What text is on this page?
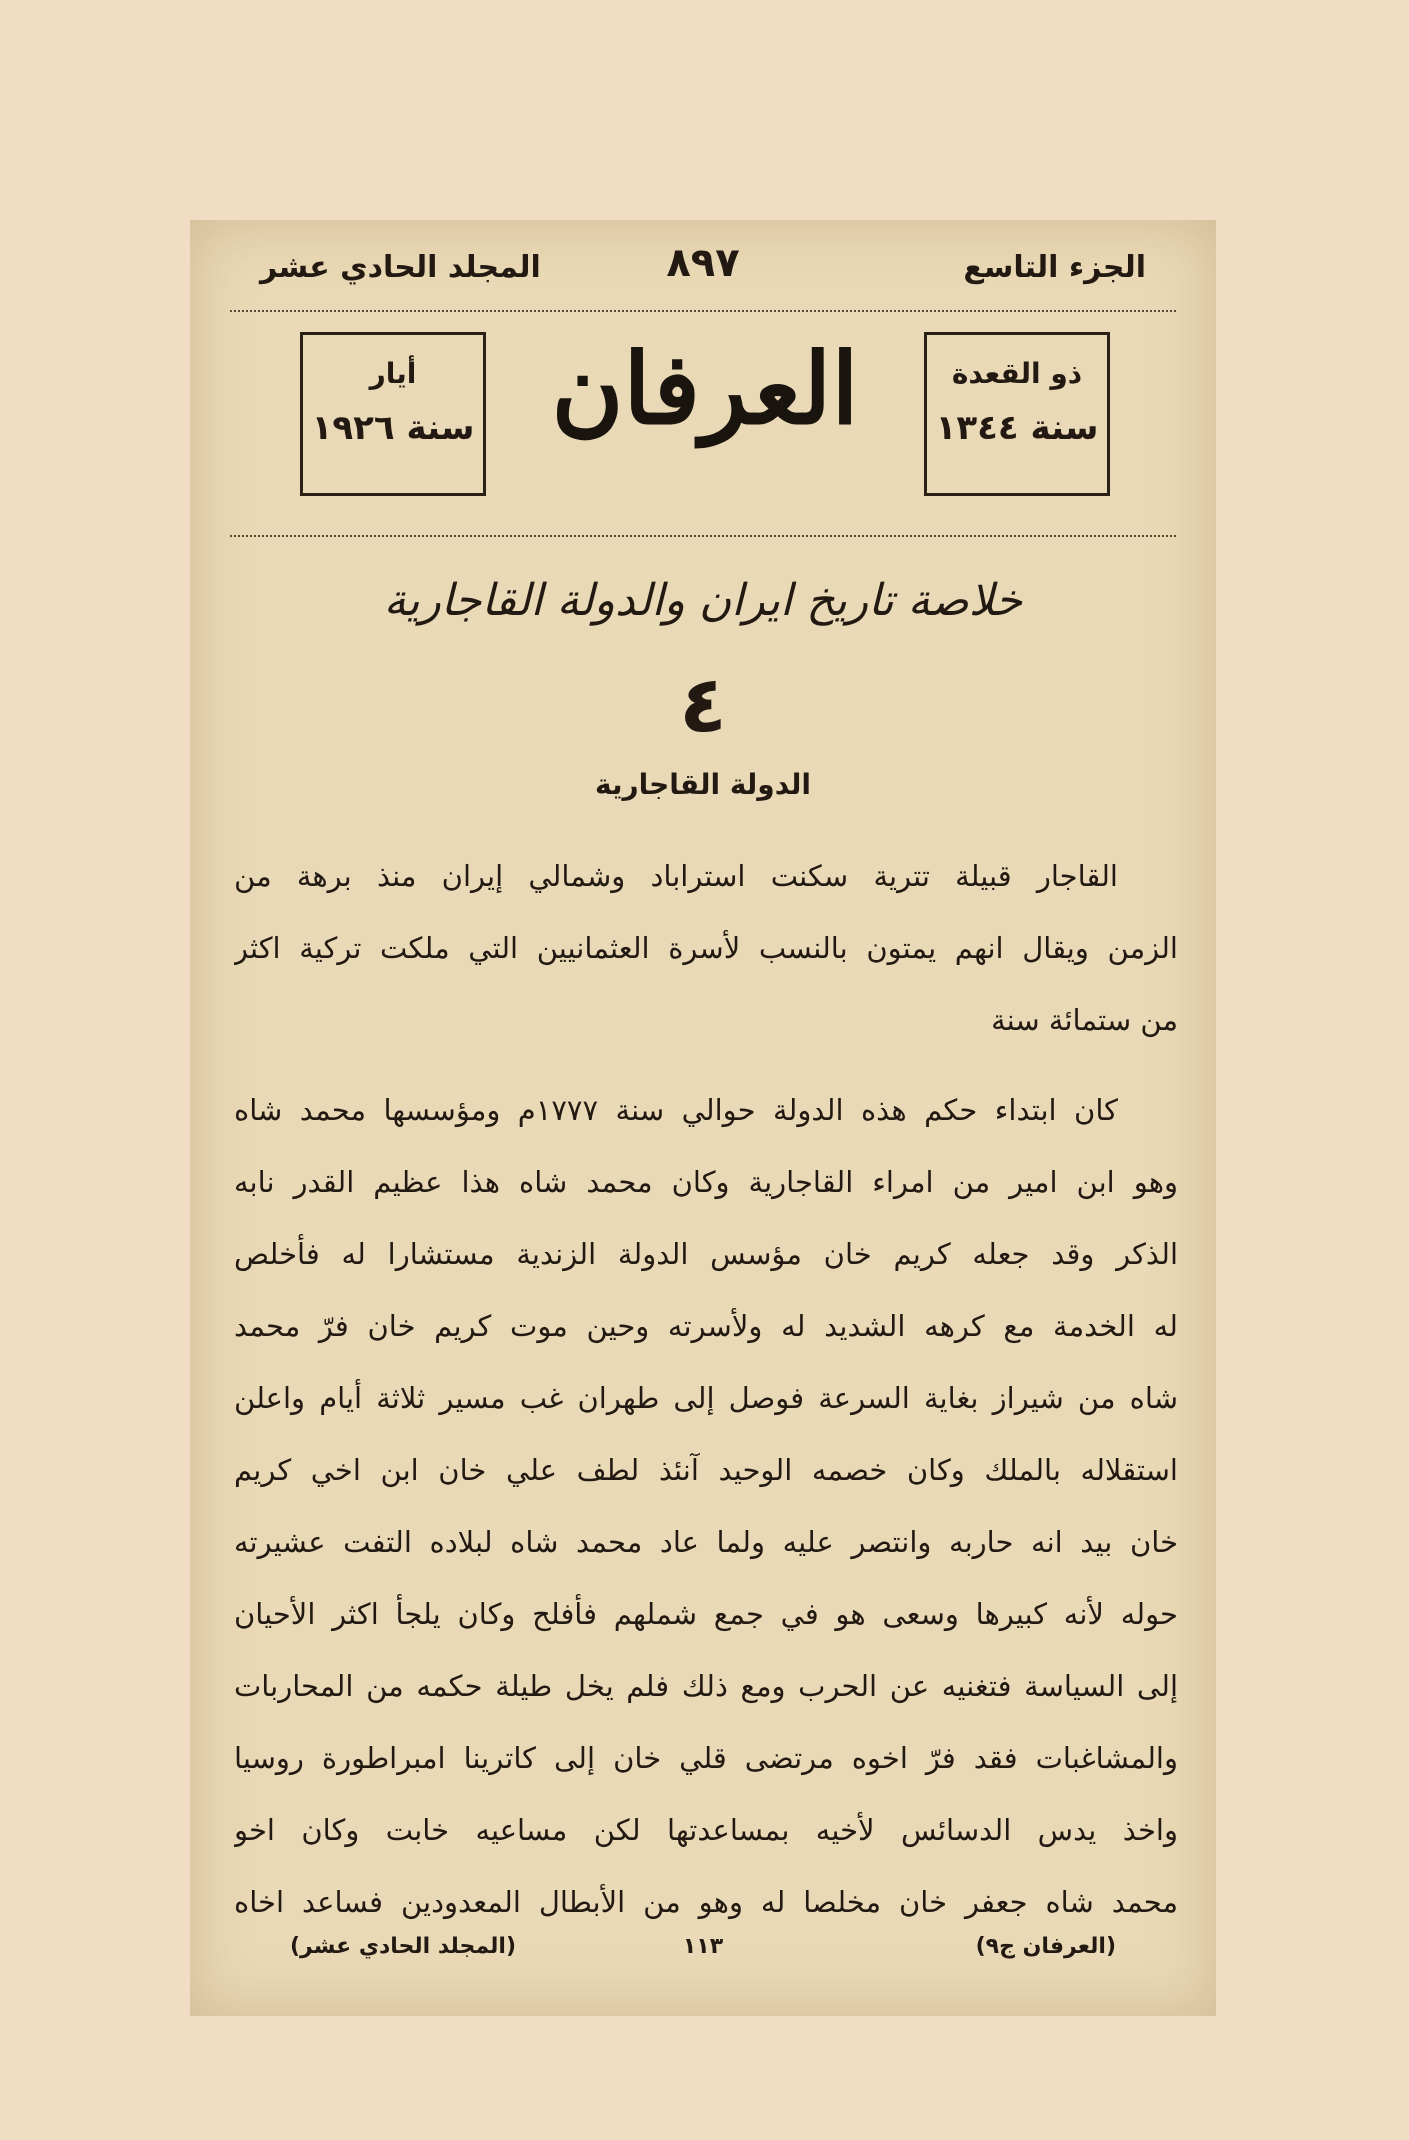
الجزء التاسع
٨٩٧
المجلد الحادي عشر
ذو القعدة
سنة ١٣٤٤
العرفان
أيار
سنة ١٩٢٦
خلاصة تاريخ ايران والدولة القاجارية
٤
الدولة القاجارية
القاجار قبيلة تترية سكنت استراباد وشمالي إيران منذ برهة من
الزمن ويقال انهم يمتون بالنسب لأسرة العثمانيين التي ملكت تركية اكثر
من ستمائة سنة
كان ابتداء حكم هذه الدولة حوالي سنة ١٧٧٧م ومؤسسها محمد شاه
وهو ابن امير من امراء القاجارية وكان محمد شاه هذا عظيم القدر نابه
الذكر وقد جعله كريم خان مؤسس الدولة الزندية مستشارا له فأخلص
له الخدمة مع كرهه الشديد له ولأسرته وحين موت كريم خان فرّ محمد
شاه من شيراز بغاية السرعة فوصل إلى طهران غب مسير ثلاثة أيام واعلن
استقلاله بالملك وكان خصمه الوحيد آنئذ لطف علي خان ابن اخي كريم
خان بيد انه حاربه وانتصر عليه ولما عاد محمد شاه لبلاده التفت عشيرته
حوله لأنه كبيرها وسعى هو في جمع شملهم فأفلح وكان يلجأ اكثر الأحيان
إلى السياسة فتغنيه عن الحرب ومع ذلك فلم يخل طيلة حكمه من المحاربات
والمشاغبات فقد فرّ اخوه مرتضى قلي خان إلى كاترينا امبراطورة روسيا
واخذ يدس الدسائس لأخيه بمساعدتها لكن مساعيه خابت وكان اخو
محمد شاه جعفر خان مخلصا له وهو من الأبطال المعدودين فساعد اخاه
(العرفان ج٩)
١١٣
(المجلد الحادي عشر)
